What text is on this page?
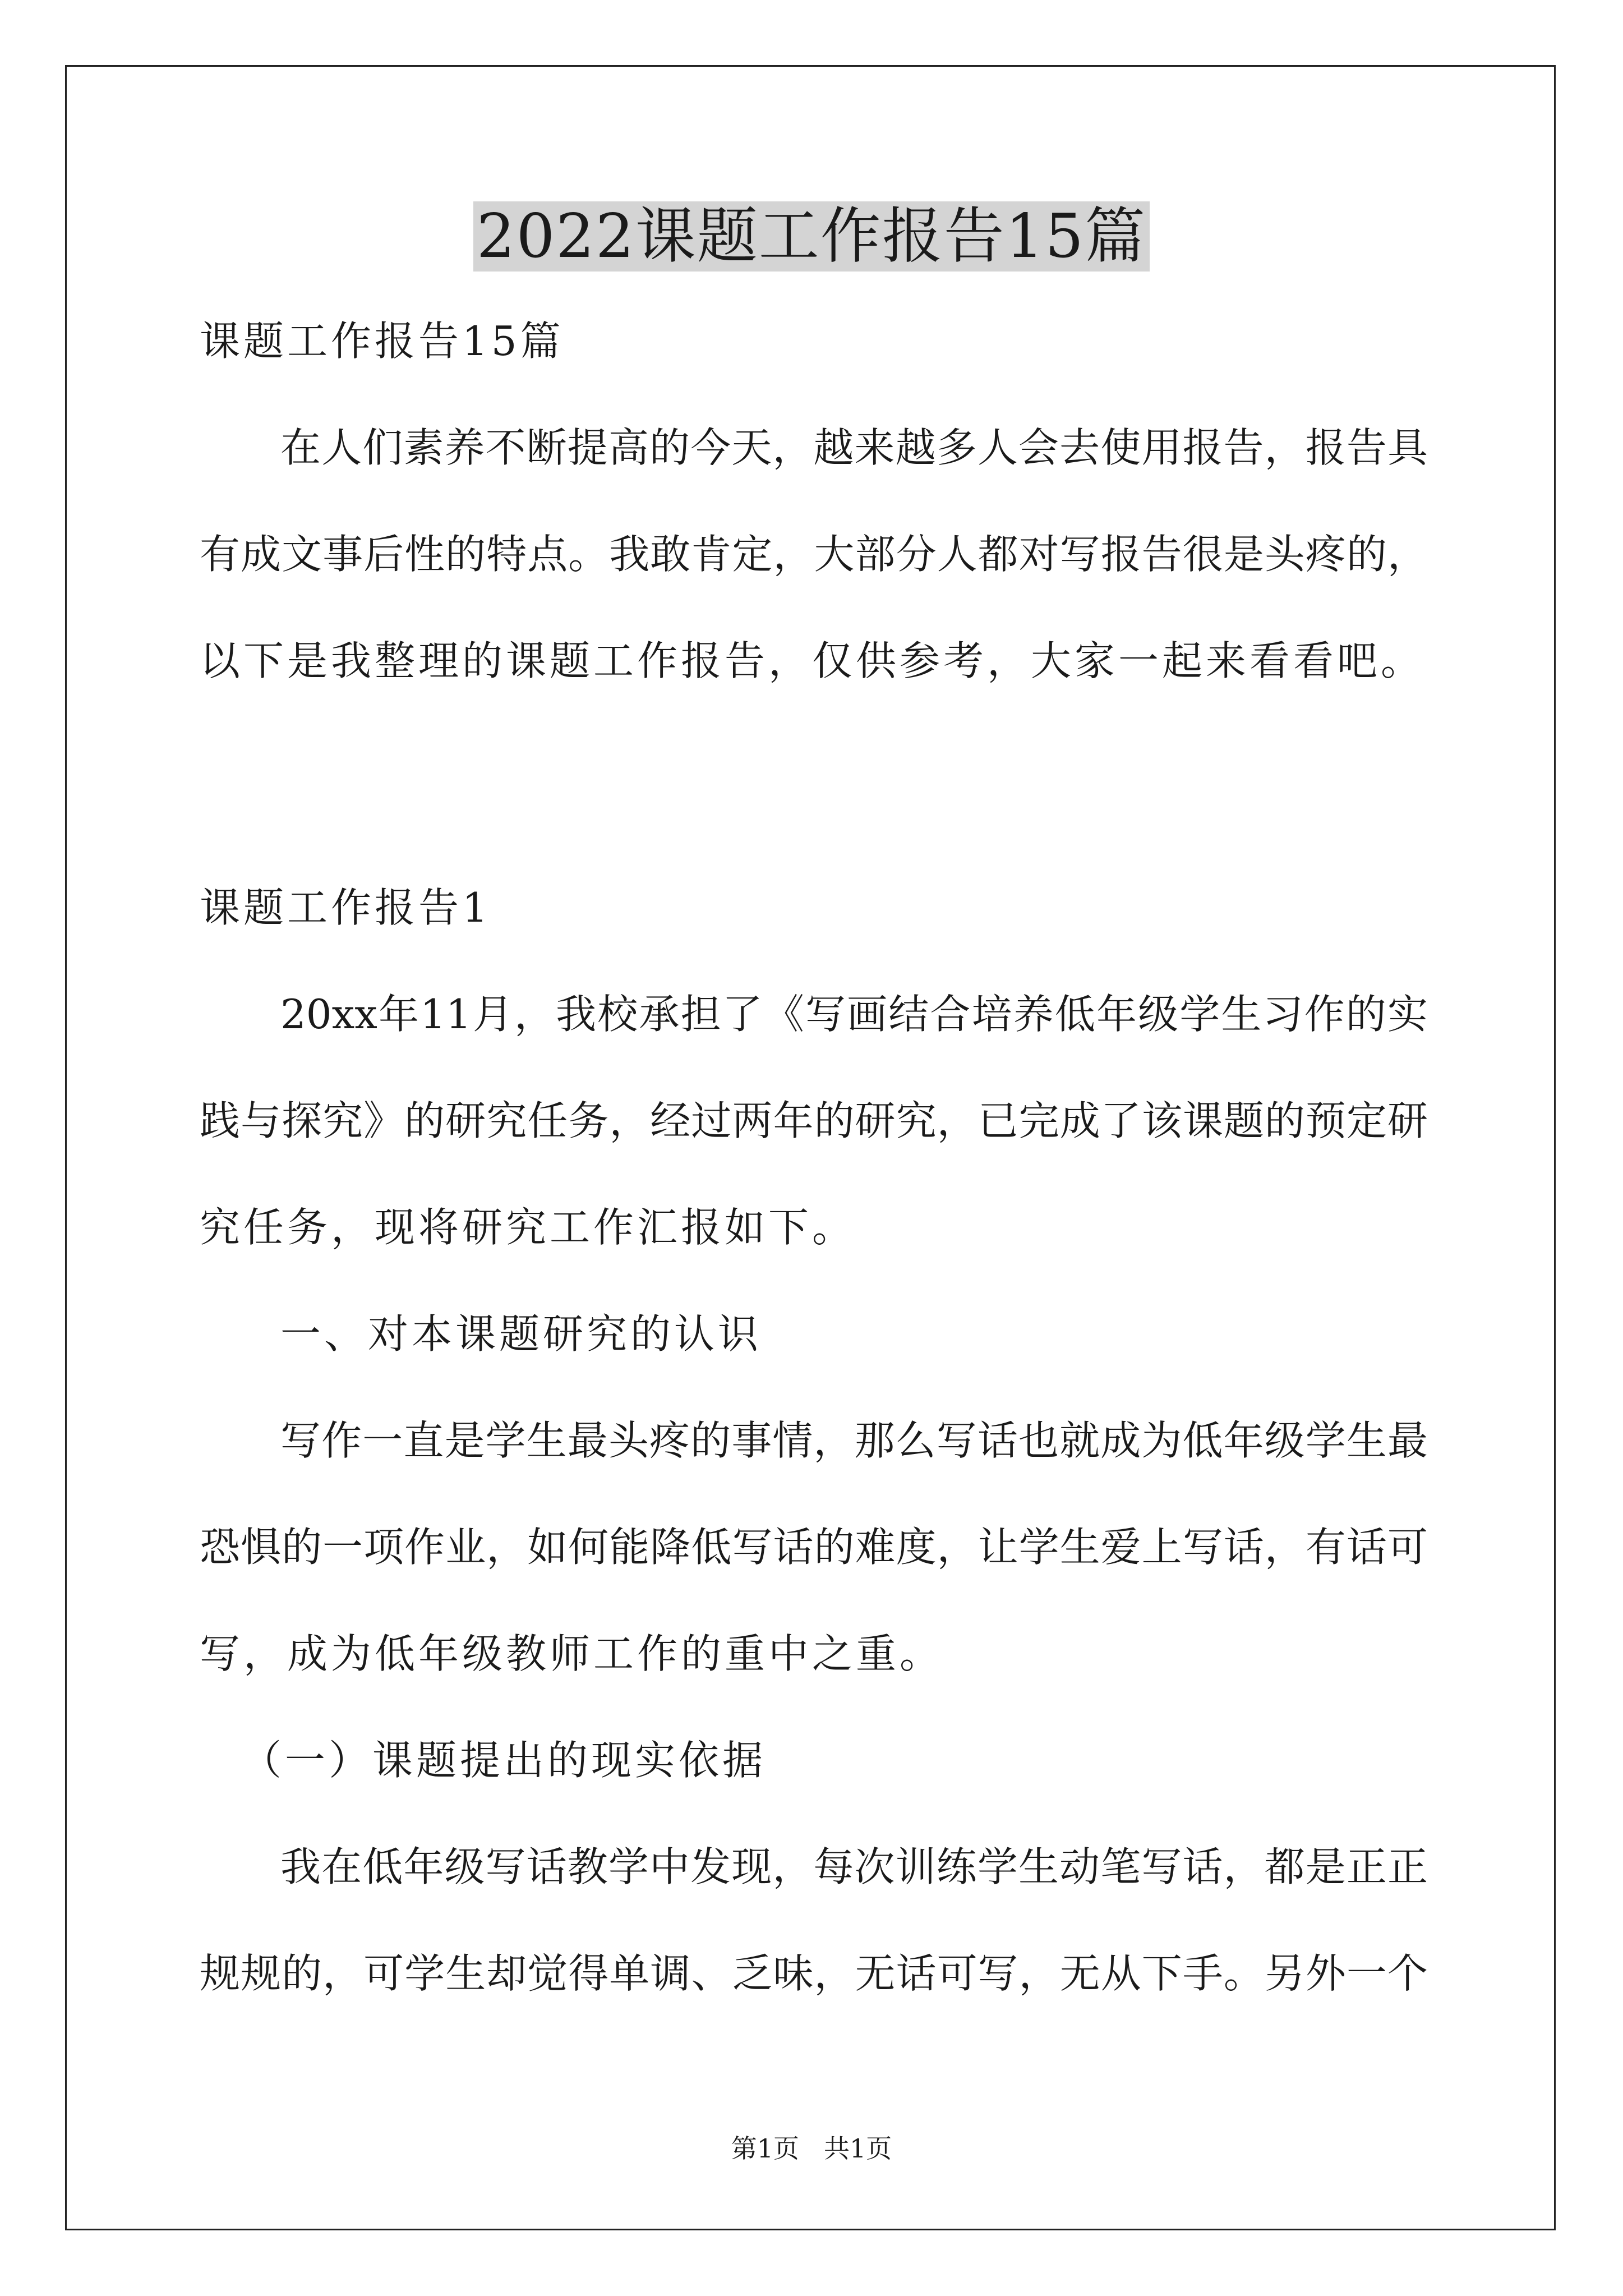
2022课题工作报告15篇
课题工作报告15篇
在人们素养不断提高的今天，越来越多人会去使用报告，报告具
有成文事后性的特点。我敢肯定，大部分人都对写报告很是头疼的，
以下是我整理的课题工作报告，仅供参考，大家一起来看看吧。
课题工作报告1
20xx年11月，我校承担了《写画结合培养低年级学生习作的实
践与探究》的研究任务，经过两年的研究，已完成了该课题的预定研
究任务，现将研究工作汇报如下。
一、对本课题研究的认识
写作一直是学生最头疼的事情，那么写话也就成为低年级学生最
恐惧的一项作业，如何能降低写话的难度，让学生爱上写话，有话可
写，成为低年级教师工作的重中之重。
（一）课题提出的现实依据
我在低年级写话教学中发现，每次训练学生动笔写话，都是正正
规规的，可学生却觉得单调、乏味，无话可写，无从下手。另外一个
第1页 共1页
